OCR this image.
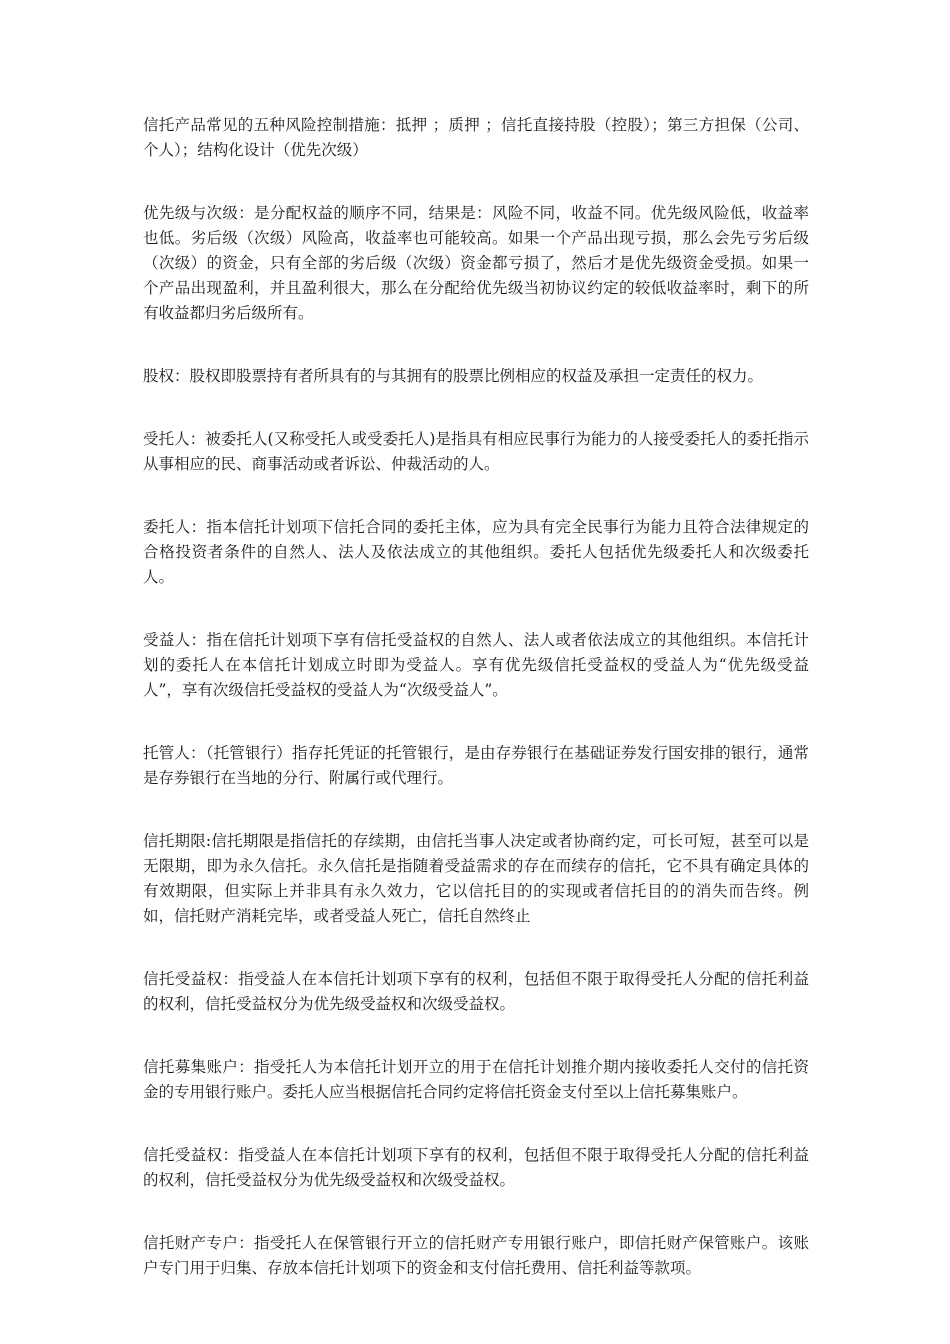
信托产品常见的五种风险控制措施：抵押 ；质押 ；信托直接持股（控股）；第三方担保（公司、个人）；结构化设计（优先次级）

优先级与次级：是分配权益的顺序不同，结果是：风险不同，收益不同。优先级风险低，收益率也低。劣后级（次级）风险高，收益率也可能较高。如果一个产品出现亏损，那么会先亏劣后级（次级）的资金，只有全部的劣后级（次级）资金都亏损了，然后才是优先级资金受损。如果一个产品出现盈利，并且盈利很大，那么在分配给优先级当初协议约定的较低收益率时，剩下的所有收益都归劣后级所有。

股权：股权即股票持有者所具有的与其拥有的股票比例相应的权益及承担一定责任的权力。

受托人：被委托人(又称受托人或受委托人)是指具有相应民事行为能力的人接受委托人的委托指示从事相应的民、商事活动或者诉讼、仲裁活动的人。

委托人：指本信托计划项下信托合同的委托主体，应为具有完全民事行为能力且符合法律规定的合格投资者条件的自然人、法人及依法成立的其他组织。委托人包括优先级委托人和次级委托人。

受益人：指在信托计划项下享有信托受益权的自然人、法人或者依法成立的其他组织。本信托计划的委托人在本信托计划成立时即为受益人。享有优先级信托受益权的受益人为“优先级受益人”，享有次级信托受益权的受益人为“次级受益人”。

托管人：（托管银行）指存托凭证的托管银行，是由存券银行在基础证券发行国安排的银行，通常是存券银行在当地的分行、附属行或代理行。

信托期限:信托期限是指信托的存续期，由信托当事人决定或者协商约定，可长可短，甚至可以是无限期，即为永久信托。永久信托是指随着受益需求的存在而续存的信托，它不具有确定具体的有效期限，但实际上并非具有永久效力，它以信托目的的实现或者信托目的的消失而告终。例如，信托财产消耗完毕，或者受益人死亡，信托自然终止

信托受益权：指受益人在本信托计划项下享有的权利，包括但不限于取得受托人分配的信托利益的权利，信托受益权分为优先级受益权和次级受益权。

信托募集账户：指受托人为本信托计划开立的用于在信托计划推介期内接收委托人交付的信托资金的专用银行账户。委托人应当根据信托合同约定将信托资金支付至以上信托募集账户。

信托受益权：指受益人在本信托计划项下享有的权利，包括但不限于取得受托人分配的信托利益的权利，信托受益权分为优先级受益权和次级受益权。

信托财产专户：指受托人在保管银行开立的信托财产专用银行账户，即信托财产保管账户。该账户专门用于归集、存放本信托计划项下的资金和支付信托费用、信托利益等款项。
